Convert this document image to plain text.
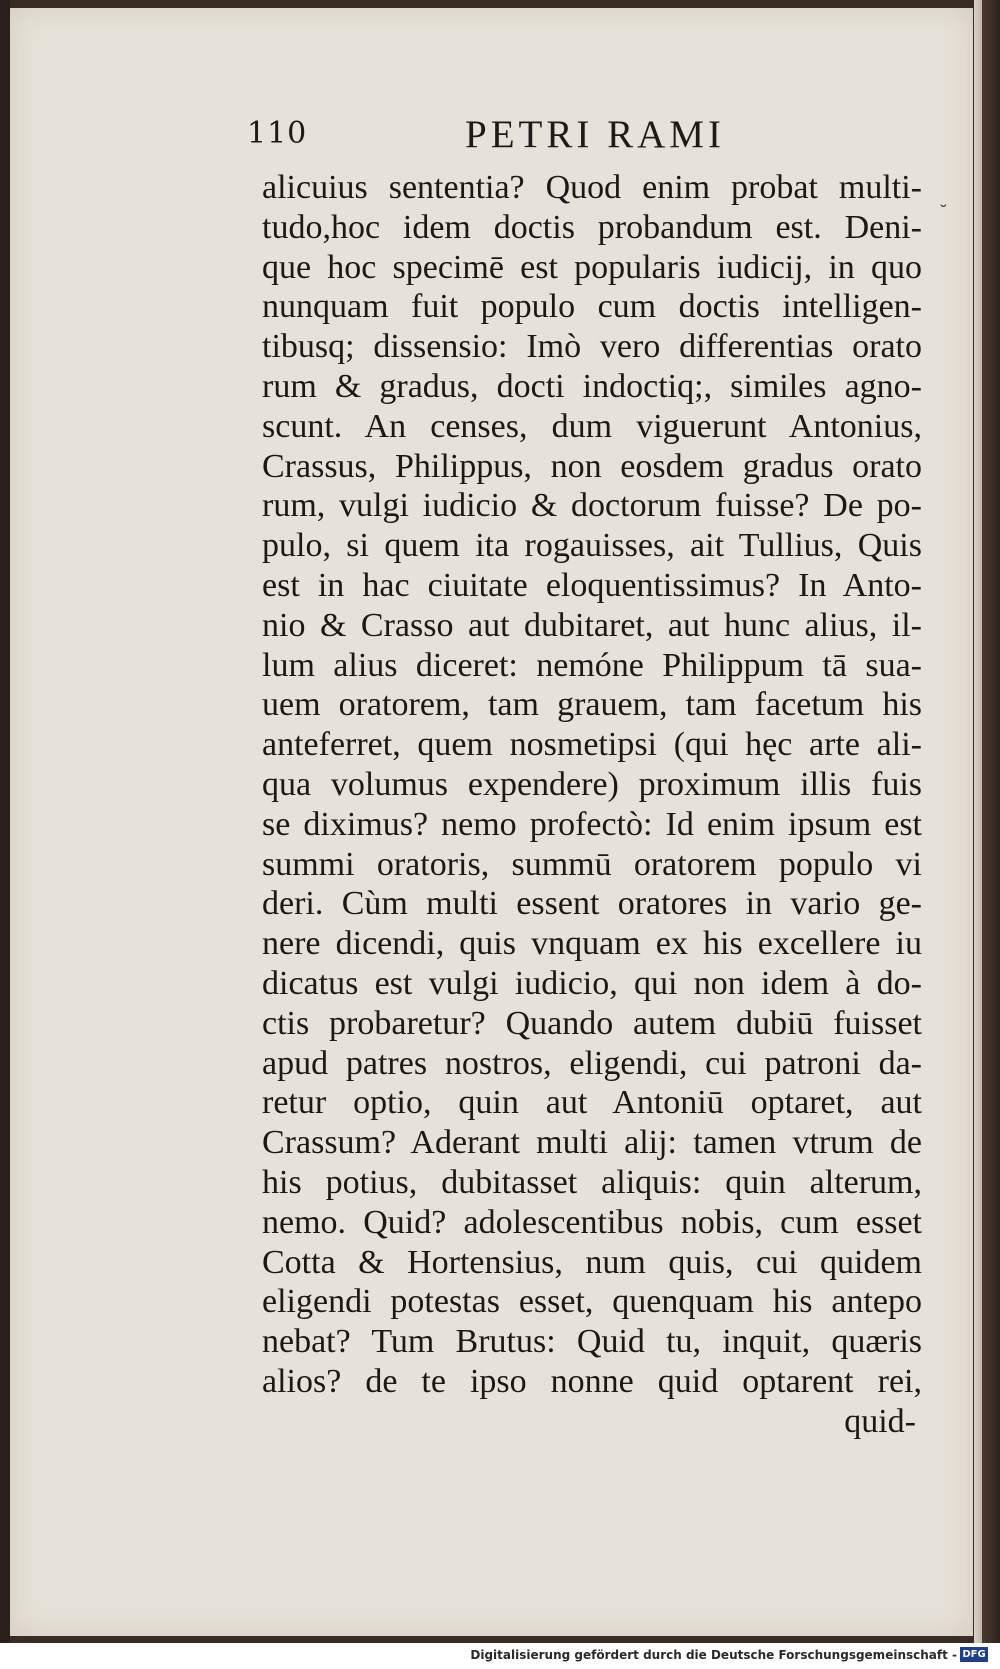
110	PETRI RAMI
˘
alicuius sententia? Quod enim probat multi-
tudo,hoc idem doctis probandum est. Deni-
que hoc specimē est popularis iudicij, in quo
nunquam fuit populo cum doctis intelligen-
tibusq; dissensio: Imò vero differentias orato
rum & gradus, docti indoctiq;, similes agno-
scunt. An censes, dum viguerunt Antonius,
Crassus, Philippus, non eosdem gradus orato
rum, vulgi iudicio & doctorum fuisse? De po-
pulo, si quem ita rogauisses, ait Tullius, Quis
est in hac ciuitate eloquentissimus? In Anto-
nio & Crasso aut dubitaret, aut hunc alius, il-
lum alius diceret: nemóne Philippum tā sua-
uem oratorem, tam grauem, tam facetum his
anteferret, quem nosmetipsi (qui hęc arte ali-
qua volumus expendere) proximum illis fuis
se diximus? nemo profectò: Id enim ipsum est
summi oratoris, summū oratorem populo vi
deri. Cùm multi essent oratores in vario ge-
nere dicendi, quis vnquam ex his excellere iu
dicatus est vulgi iudicio, qui non idem à do-
ctis probaretur? Quando autem dubiū fuisset
apud patres nostros, eligendi, cui patroni da-
retur optio, quin aut Antoniū optaret, aut
Crassum? Aderant multi alij: tamen vtrum de
his potius, dubitasset aliquis: quin alterum,
nemo. Quid? adolescentibus nobis, cum esset
Cotta & Hortensius, num quis, cui quidem
eligendi potestas esset, quenquam his antepo
nebat? Tum Brutus: Quid tu, inquit, quæris
alios? de te ipso nonne quid optarent rei,
quid-
Digitalisierung gefördert durch die Deutsche Forschungsgemeinschaft - DFG
